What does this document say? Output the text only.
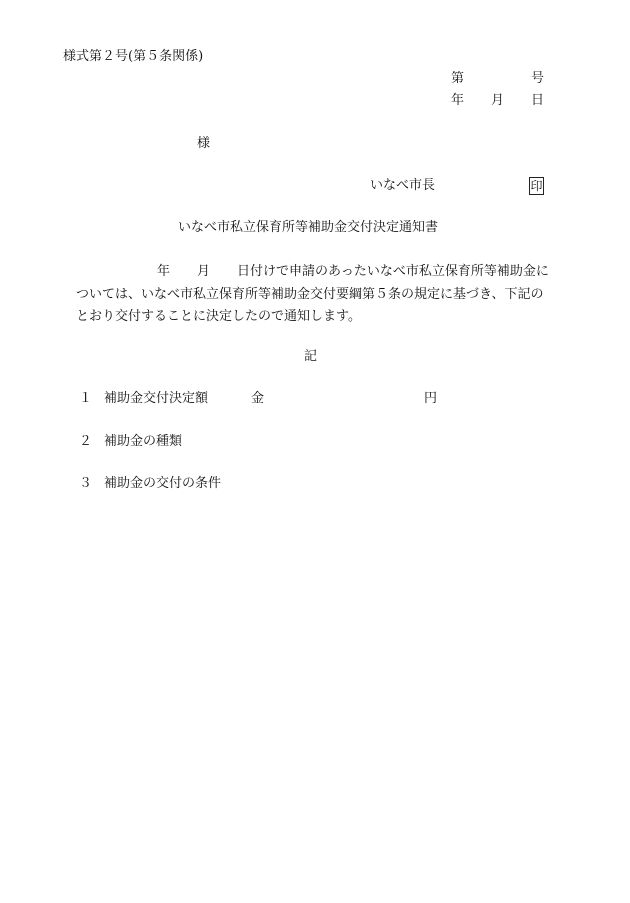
様式第２号(第５条関係)
第	号
年 月 日
様
いなべ市長	印
いなべ市私立保育所等補助金交付決定通知書
年 月 日付けで申請のあったいなべ市私立保育所等補助金に
ついては、いなべ市私立保育所等補助金交付要綱第５条の規定に基づき、下記の
とおり交付することに決定したので通知します。
記
１ 補助金交付決定額	金	円
２ 補助金の種類
３ 補助金の交付の条件
